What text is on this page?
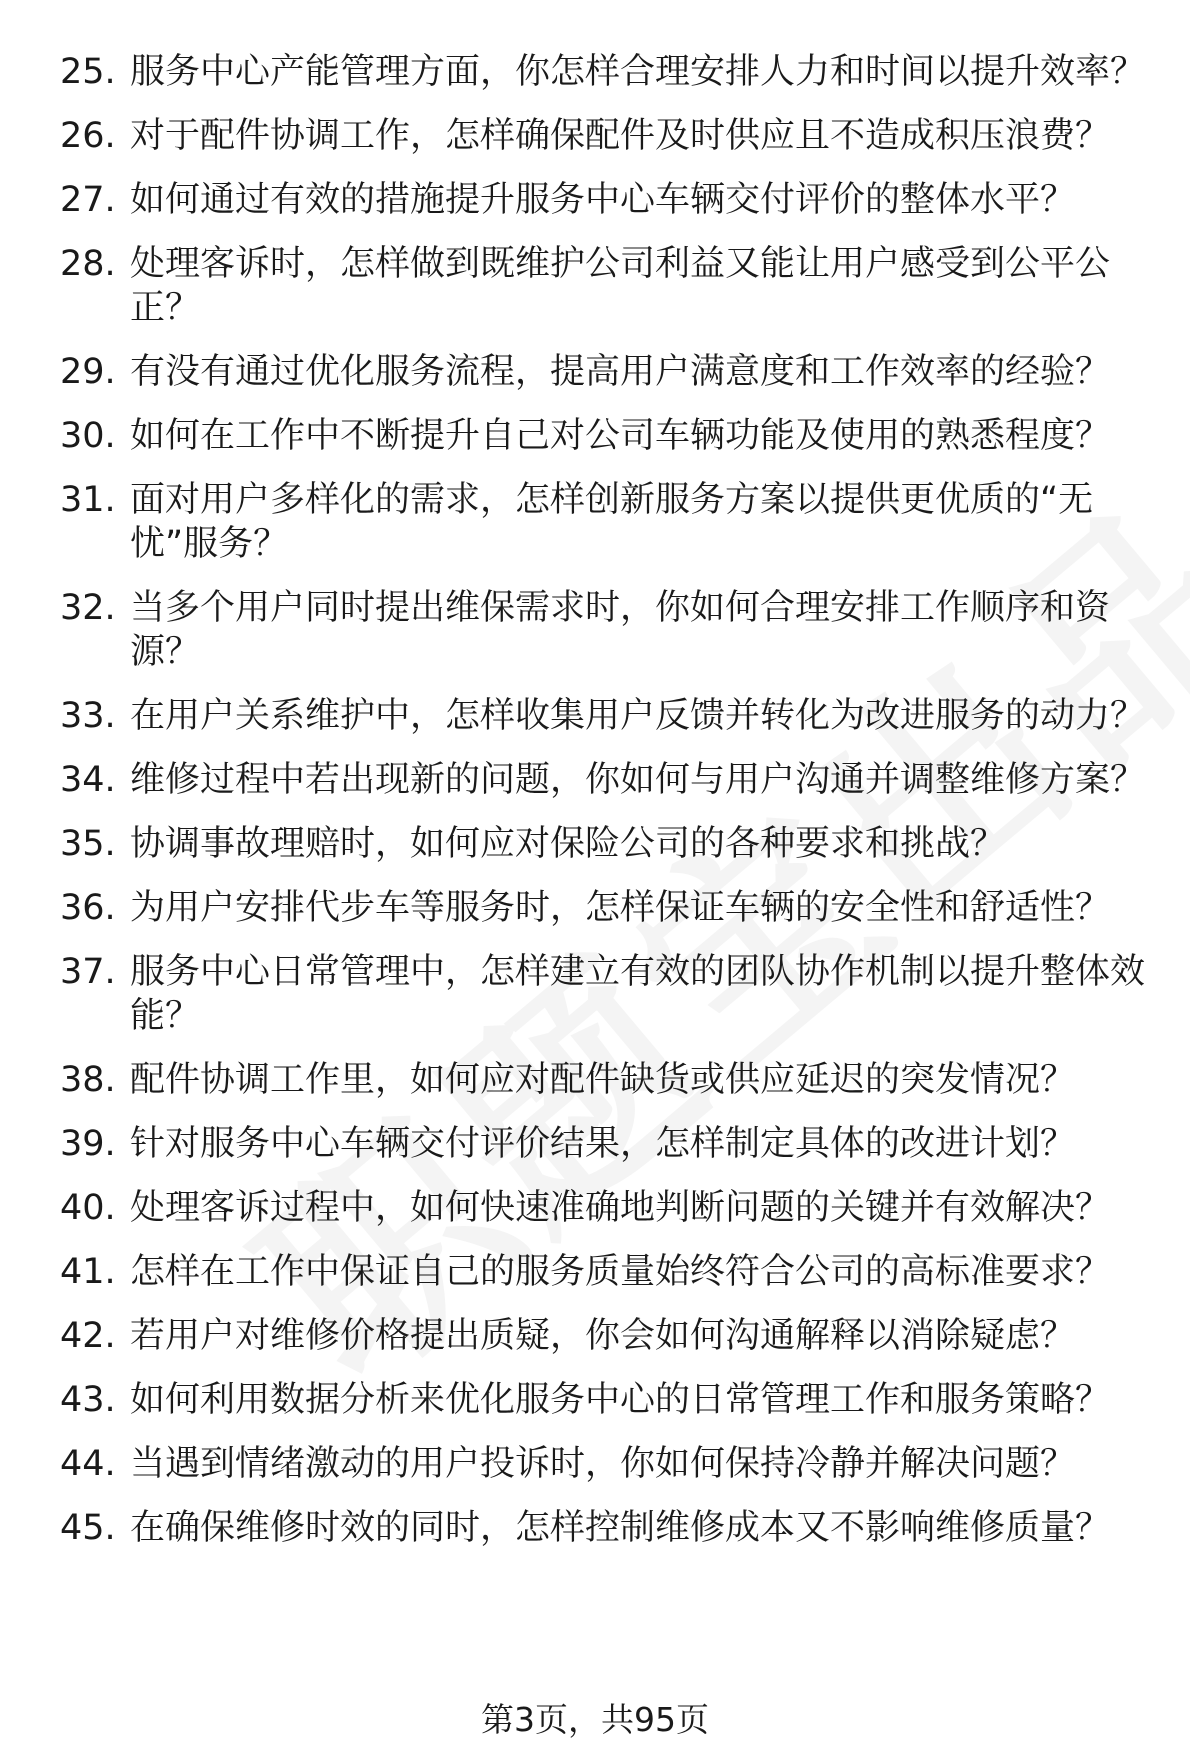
25. 服务中心产能管理方面，你怎样合理安排人力和时间以提升效率？
26. 对于配件协调工作，怎样确保配件及时供应且不造成积压浪费？
27. 如何通过有效的措施提升服务中心车辆交付评价的整体水平？
28. 处理客诉时，怎样做到既维护公司利益又能让用户感受到公平公正？
29. 有没有通过优化服务流程，提高用户满意度和工作效率的经验？
30. 如何在工作中不断提升自己对公司车辆功能及使用的熟悉程度？
31. 面对用户多样化的需求，怎样创新服务方案以提供更优质的“无忧”服务？
32. 当多个用户同时提出维保需求时，你如何合理安排工作顺序和资源？
33. 在用户关系维护中，怎样收集用户反馈并转化为改进服务的动力？
34. 维修过程中若出现新的问题，你如何与用户沟通并调整维修方案？
35. 协调事故理赔时，如何应对保险公司的各种要求和挑战？
36. 为用户安排代步车等服务时，怎样保证车辆的安全性和舒适性？
37. 服务中心日常管理中，怎样建立有效的团队协作机制以提升整体效能？
38. 配件协调工作里，如何应对配件缺货或供应延迟的突发情况？
39. 针对服务中心车辆交付评价结果，怎样制定具体的改进计划？
40. 处理客诉过程中，如何快速准确地判断问题的关键并有效解决？
41. 怎样在工作中保证自己的服务质量始终符合公司的高标准要求？
42. 若用户对维修价格提出质疑，你会如何沟通解释以消除疑虑？
43. 如何利用数据分析来优化服务中心的日常管理工作和服务策略？
44. 当遇到情绪激动的用户投诉时，你如何保持冷静并解决问题？
45. 在确保维修时效的同时，怎样控制维修成本又不影响维修质量？
第3页，共95页
